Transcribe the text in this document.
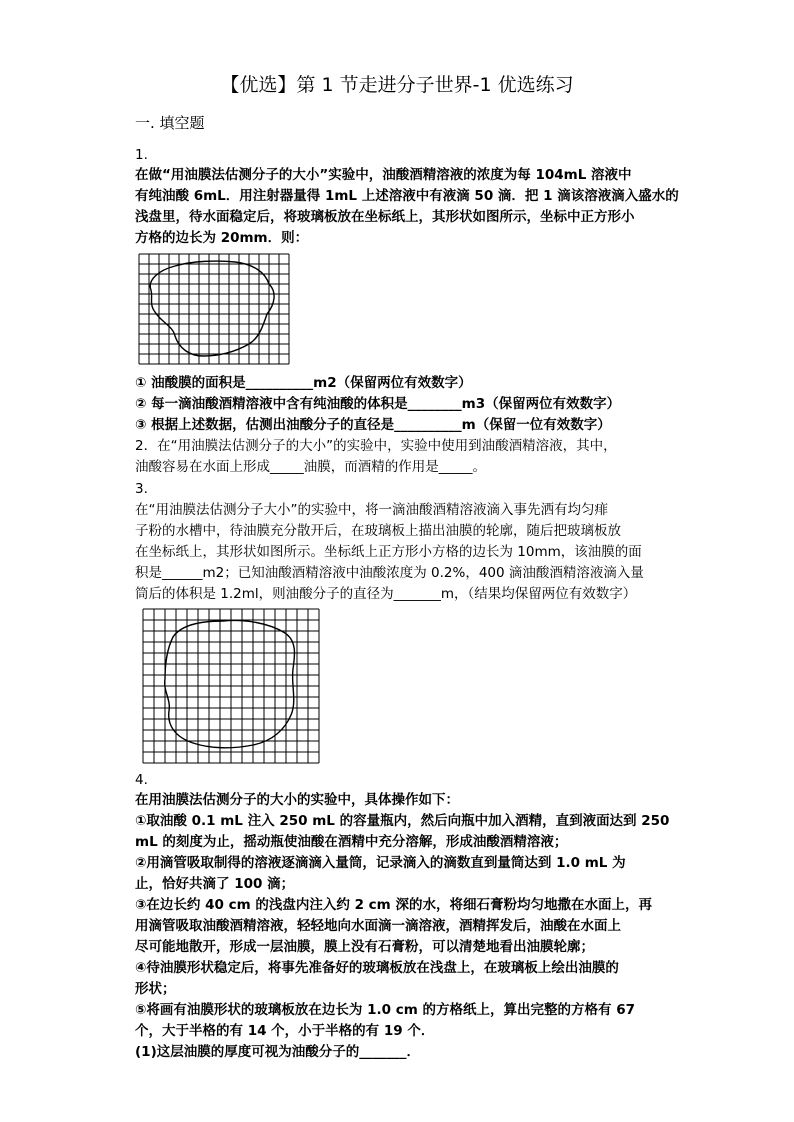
【优选】第 1 节走进分子世界-1 优选练习
一. 填空题
1.
在做“用油膜法估测分子的大小”实验中，油酸酒精溶液的浓度为每 104mL 溶液中
有纯油酸 6mL．用注射器量得 1mL 上述溶液中有液滴 50 滴．把 1 滴该溶液滴入盛水的
浅盘里，待水面稳定后，将玻璃板放在坐标纸上，其形状如图所示，坐标中正方形小
方格的边长为 20mm．则：
① 油酸膜的面积是__________m2（保留两位有效数字）
② 每一滴油酸酒精溶液中含有纯油酸的体积是________m3（保留两位有效数字）
③ 根据上述数据，估测出油酸分子的直径是__________m（保留一位有效数字）
2．在“用油膜法估测分子的大小”的实验中，实验中使用到油酸酒精溶液，其中，
油酸容易在水面上形成_____油膜，而酒精的作用是_____。
3.
在“用油膜法估测分子大小”的实验中，将一滴油酸酒精溶液滴入事先洒有均匀痱
子粉的水槽中，待油膜充分散开后，在玻璃板上描出油膜的轮廓，随后把玻璃板放
在坐标纸上，其形状如图所示。坐标纸上正方形小方格的边长为 10mm，该油膜的面
积是______m2；已知油酸酒精溶液中油酸浓度为 0.2%，400 滴油酸酒精溶液滴入量
筒后的体积是 1.2ml，则油酸分子的直径为_______m，（结果均保留两位有效数字）
4.
在用油膜法估测分子的大小的实验中，具体操作如下：
①取油酸 0.1 mL 注入 250 mL 的容量瓶内，然后向瓶中加入酒精，直到液面达到 250
mL 的刻度为止，摇动瓶使油酸在酒精中充分溶解，形成油酸酒精溶液；
②用滴管吸取制得的溶液逐滴滴入量筒，记录滴入的滴数直到量筒达到 1.0 mL 为
止，恰好共滴了 100 滴；
③在边长约 40 cm 的浅盘内注入约 2 cm 深的水，将细石膏粉均匀地撒在水面上，再
用滴管吸取油酸酒精溶液，轻轻地向水面滴一滴溶液，酒精挥发后，油酸在水面上
尽可能地散开，形成一层油膜，膜上没有石膏粉，可以清楚地看出油膜轮廓；
④待油膜形状稳定后，将事先准备好的玻璃板放在浅盘上，在玻璃板上绘出油膜的
形状；
⑤将画有油膜形状的玻璃板放在边长为 1.0 cm 的方格纸上，算出完整的方格有 67
个，大于半格的有 14 个，小于半格的有 19 个．
(1)这层油膜的厚度可视为油酸分子的_______．
